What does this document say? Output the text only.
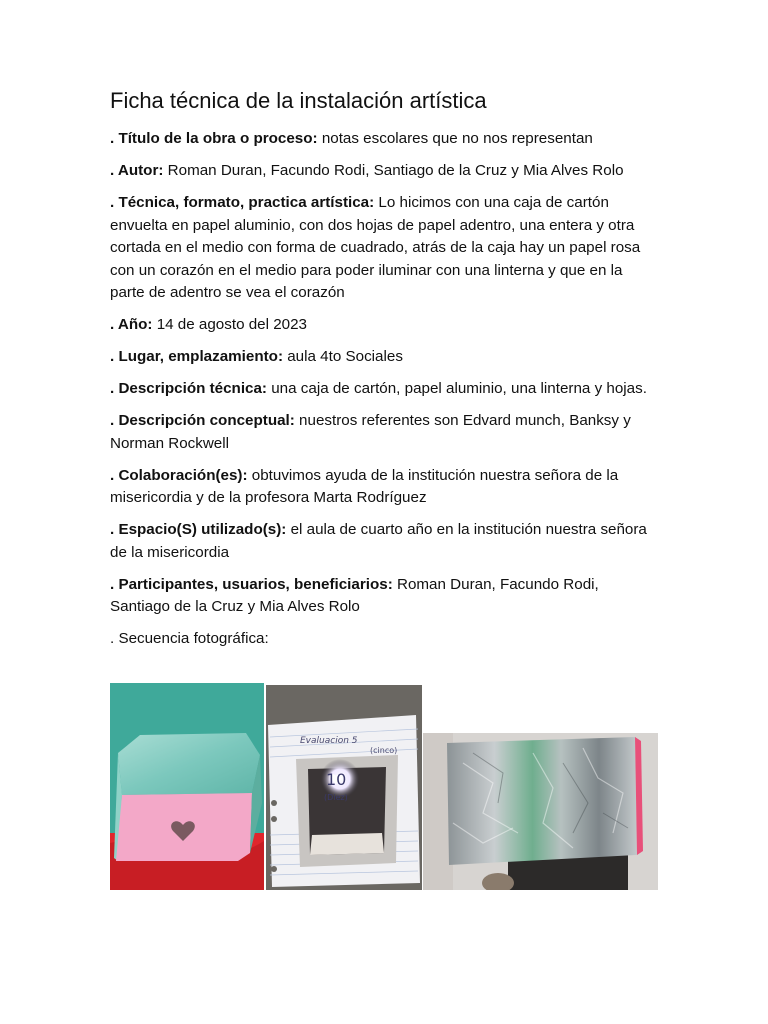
Ficha técnica de la instalación artística

. Título de la obra o proceso: notas escolares que no nos representan

. Autor: Roman Duran, Facundo Rodi, Santiago de la Cruz y Mia Alves Rolo

. Técnica, formato, practica artística: Lo hicimos con una caja de cartón envuelta en papel aluminio, con dos hojas de papel adentro, una entera y otra cortada en el medio con forma de cuadrado, atrás de la caja hay un papel rosa con un corazón en el medio para poder iluminar con una linterna y que en la parte de adentro se vea el corazón

. Año: 14 de agosto del 2023

. Lugar, emplazamiento: aula 4to Sociales

. Descripción técnica: una caja de cartón, papel aluminio, una linterna y hojas.

. Descripción conceptual: nuestros referentes son Edvard munch, Banksy y Norman Rockwell

. Colaboración(es): obtuvimos ayuda de la institución nuestra señora de la misericordia y de la profesora Marta Rodríguez

. Espacio(S) utilizado(s): el aula de cuarto año en la institución nuestra señora de la misericordia

. Participantes, usuarios, beneficiarios: Roman Duran, Facundo Rodi, Santiago de la Cruz y Mia Alves Rolo

. Secuencia fotográfica:

Evaluacion 5
(cinco)
10
(Diez)
